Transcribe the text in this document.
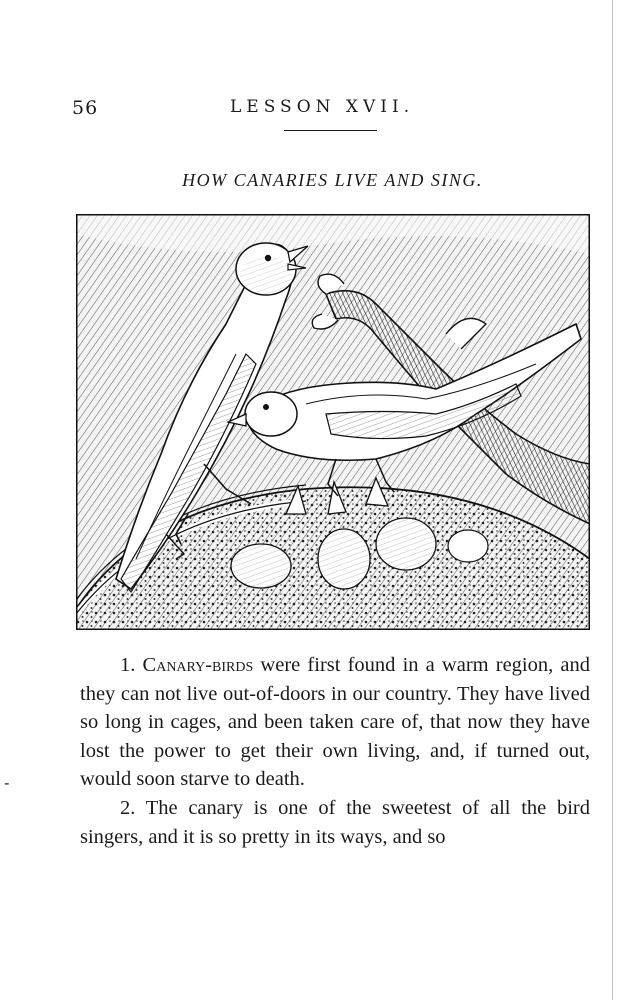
56	LESSON XVII.
HOW CANARIES LIVE AND SING.

1. Canary-birds were first found in a warm region, and they can not live out-of-doors in our country. They have lived so long in cages, and been taken care of, that now they have lost the power to get their own living, and, if turned out, would soon starve to death.

2. The canary is one of the sweetest of all the bird singers, and it is so pretty in its ways, and so

-
